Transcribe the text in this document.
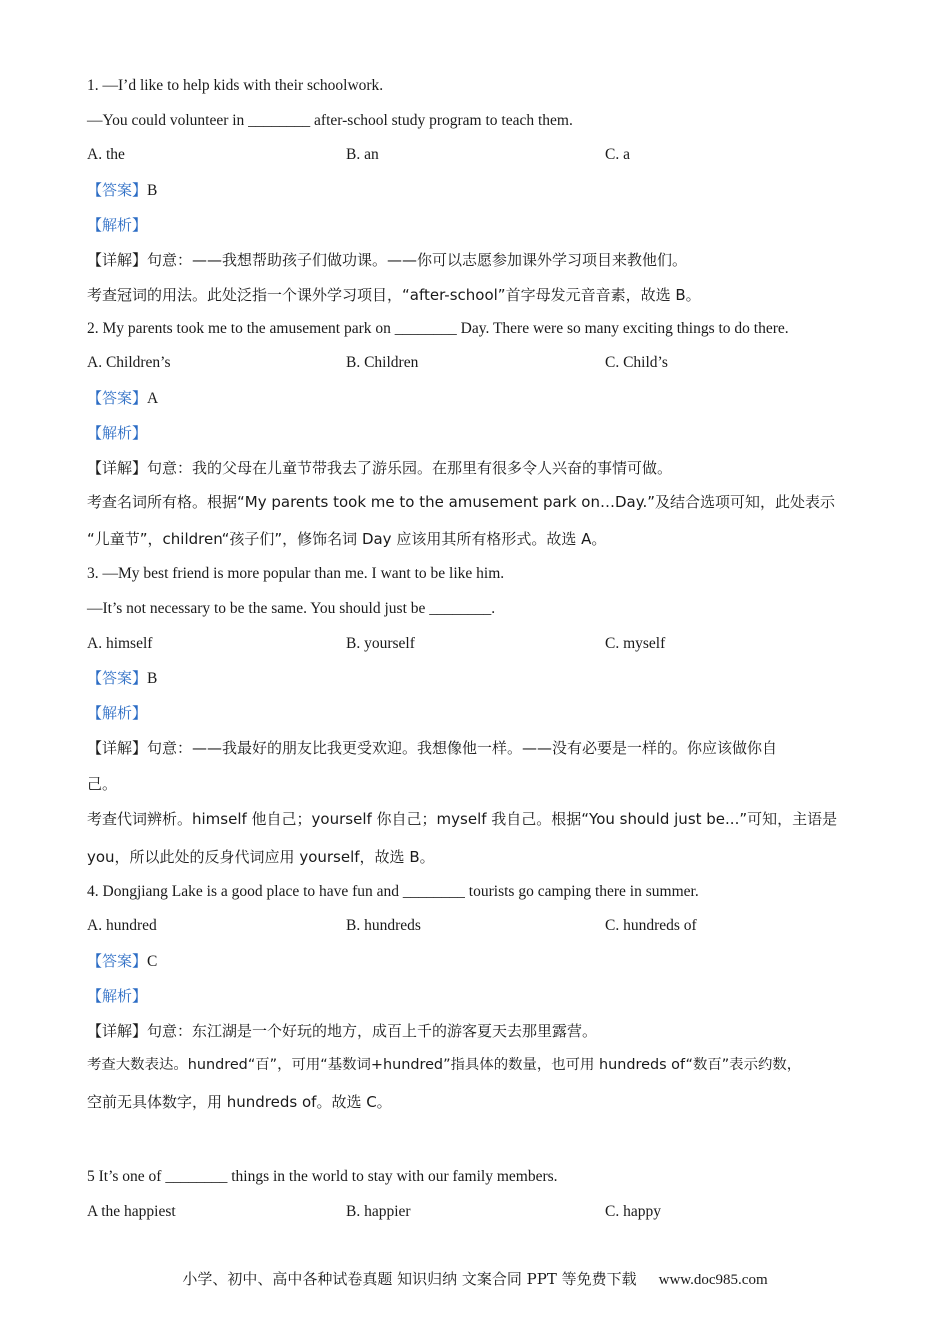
1. —I’d like to help kids with their schoolwork.
—You could volunteer in ________ after-school study program to teach them.
A. the	B. an	C. a
【答案】B
【解析】
【详解】句意：——我想帮助孩子们做功课。——你可以志愿参加课外学习项目来教他们。
考查冠词的用法。此处泛指一个课外学习项目，“after-school”首字母发元音音素，故选 B。
2. My parents took me to the amusement park on ________ Day. There were so many exciting things to do there.
A. Children’s	B. Children	C. Child’s
【答案】A
【解析】
【详解】句意：我的父母在儿童节带我去了游乐园。在那里有很多令人兴奋的事情可做。
考查名词所有格。根据“My parents took me to the amusement park on…Day.”及结合选项可知，此处表示
“儿童节”，children“孩子们”，修饰名词 Day 应该用其所有格形式。故选 A。
3. —My best friend is more popular than me. I want to be like him.
—It’s not necessary to be the same. You should just be ________.
A. himself	B. yourself	C. myself
【答案】B
【解析】
【详解】句意：——我最好的朋友比我更受欢迎。我想像他一样。——没有必要是一样的。你应该做你自
己。
考查代词辨析。himself 他自己；yourself 你自己；myself 我自己。根据“You should just be...”可知，主语是
you，所以此处的反身代词应用 yourself，故选 B。
4. Dongjiang Lake is a good place to have fun and ________ tourists go camping there in summer.
A. hundred	B. hundreds	C. hundreds of
【答案】C
【解析】
【详解】句意：东江湖是一个好玩的地方，成百上千的游客夏天去那里露营。
考查大数表达。hundred“百”，可用“基数词+hundred”指具体的数量，也可用 hundreds of“数百”表示约数，
空前无具体数字，用 hundreds of。故选 C。
5 It’s one of ________ things in the world to stay with our family members.
A the happiest	B. happier	C. happy
小学、初中、高中各种试卷真题 知识归纳 文案合同 PPT 等免费下载 www.doc985.com
